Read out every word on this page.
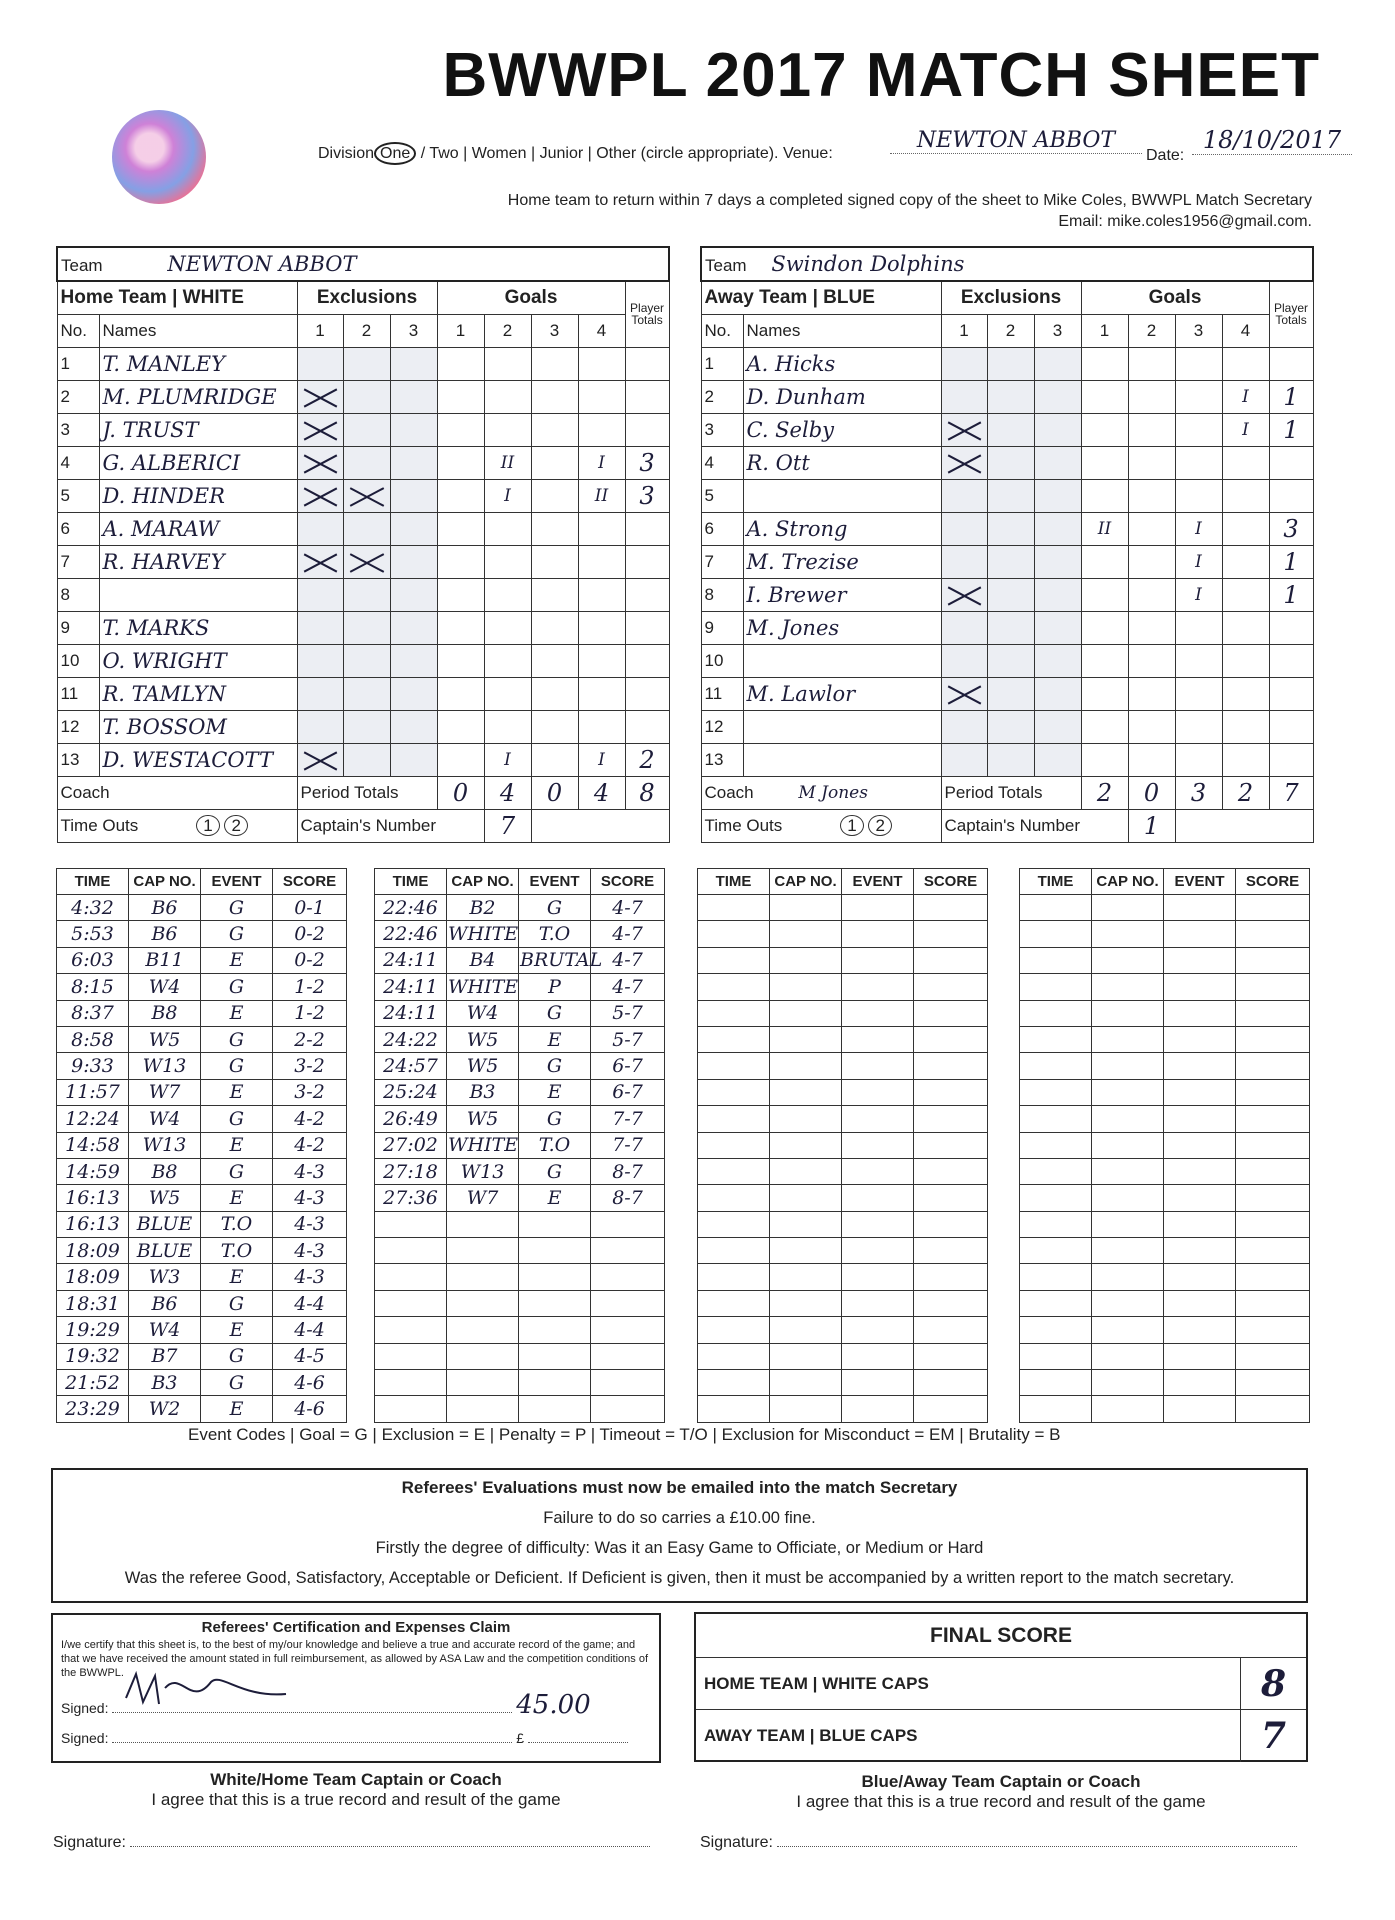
BWWPL 2017 MATCH SHEET
Division One / Two | Women | Junior | Other (circle appropriate). Venue:
NEWTON ABBOT
Date:
18/10/2017
Home team to return within 7 days a completed signed copy of the sheet to Mike Coles, BWWPL Match Secretary
Email: mike.coles1956@gmail.com.
Team NEWTON ABBOT									
Home Team | WHITE		Exclusions			Goals				Player
Totals

No.	Names	1	2	3	1	2	3	4	
1	T. MANLEY								
2	M. PLUMRIDGE								
3	J. TRUST								
4	G. ALBERICI					II		I	3
5	D. HINDER					I		II	3
6	A. MARAW								
7	R. HARVEY								
8									
9	T. MARKS								
10	O. WRIGHT								
11	R. TAMLYN								
12	T. BOSSOM								
13	D. WESTACOTT					I		I	2
Coach		Period Totals			0	4	0	4	8
Time Outs 1 2		Captain's Number				7			
Team Swindon Dolphins									
Away Team | BLUE		Exclusions			Goals				Player
Totals

No.	Names	1	2	3	1	2	3	4	
1	A. Hicks								
2	D. Dunham							I	1
3	C. Selby							I	1
4	R. Ott								
5									
6	A. Strong				II		I		3
7	M. Trezise						I		1
8	I. Brewer						I		1
9	M. Jones								
10									
11	M. Lawlor								
12									
13									
Coach M Jones		Period Totals			2	0	3	2	7
Time Outs 1 2		Captain's Number				1			
TIME	CAP NO.	EVENT	SCORE
4:32	B6	G	0-1
5:53	B6	G	0-2
6:03	B11	E	0-2
8:15	W4	G	1-2
8:37	B8	E	1-2
8:58	W5	G	2-2
9:33	W13	G	3-2
11:57	W7	E	3-2
12:24	W4	G	4-2
14:58	W13	E	4-2
14:59	B8	G	4-3
16:13	W5	E	4-3
16:13	BLUE	T.O	4-3
18:09	BLUE	T.O	4-3
18:09	W3	E	4-3
18:31	B6	G	4-4
19:29	W4	E	4-4
19:32	B7	G	4-5
21:52	B3	G	4-6
23:29	W2	E	4-6
TIME	CAP NO.	EVENT	SCORE
22:46	B2	G	4-7
22:46	WHITE	T.O	4-7
24:11	B4	BRUTAL	4-7
24:11	WHITE	P	4-7
24:11	W4	G	5-7
24:22	W5	E	5-7
24:57	W5	G	6-7
25:24	B3	E	6-7
26:49	W5	G	7-7
27:02	WHITE	T.O	7-7
27:18	W13	G	8-7
27:36	W7	E	8-7

TIME	CAP NO.	EVENT	SCORE

				TIME	CAP NO.	EVENT	SCORE

Event Codes | Goal = G | Exclusion = E | Penalty = P | Timeout = T/O | Exclusion for Misconduct = EM | Brutality = B

Referees' Evaluations must now be emailed into the match Secretary

Failure to do so carries a £10.00 fine.

Firstly the degree of difficulty: Was it an Easy Game to Officiate, or Medium or Hard

Was the referee Good, Satisfactory, Acceptable or Deficient. If Deficient is given, then it must be accompanied by a written report to the match secretary.

Referees' Certification and Expenses Claim
I/we certify that this sheet is, to the best of my/our knowledge and believe a true and accurate record of the game; and that we have received the amount stated in full reimbursement, as allowed by ASA Law and the competition conditions of the BWWPL.
Signed:	45.00
Signed:	£
FINAL SCORE
HOME TEAM | WHITE CAPS	8
AWAY TEAM | BLUE CAPS	7
White/Home Team Captain or Coach
I agree that this is a true record and result of the game
Blue/Away Team Captain or Coach
I agree that this is a true record and result of the game
Signature:	Signature:
